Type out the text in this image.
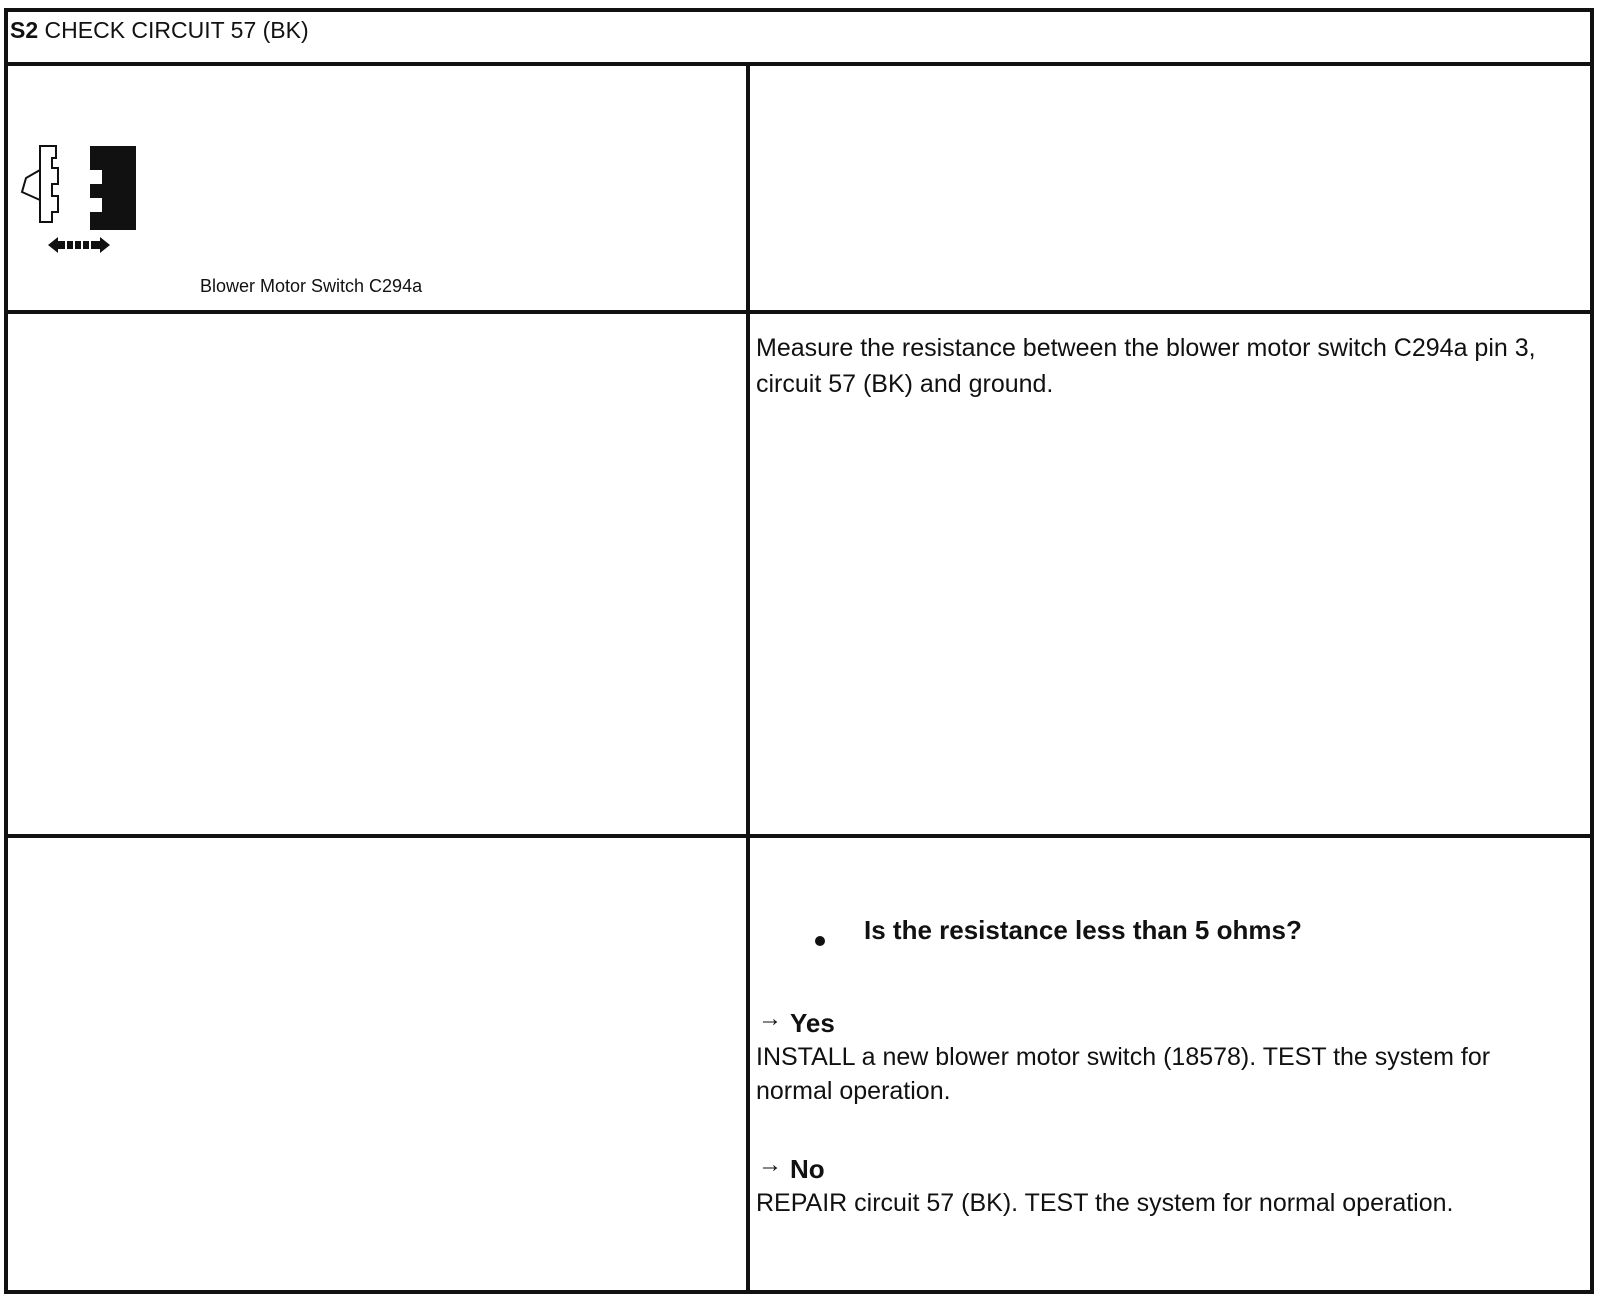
S2 CHECK CIRCUIT 57 (BK)
Blower Motor Switch C294a
Measure the resistance between the blower motor switch C294a pin 3, circuit 57 (BK) and ground.
Is the resistance less than 5 ohms?
→ Yes
INSTALL a new blower motor switch (18578). TEST the system for normal operation.
→ No
REPAIR circuit 57 (BK). TEST the system for normal operation.
